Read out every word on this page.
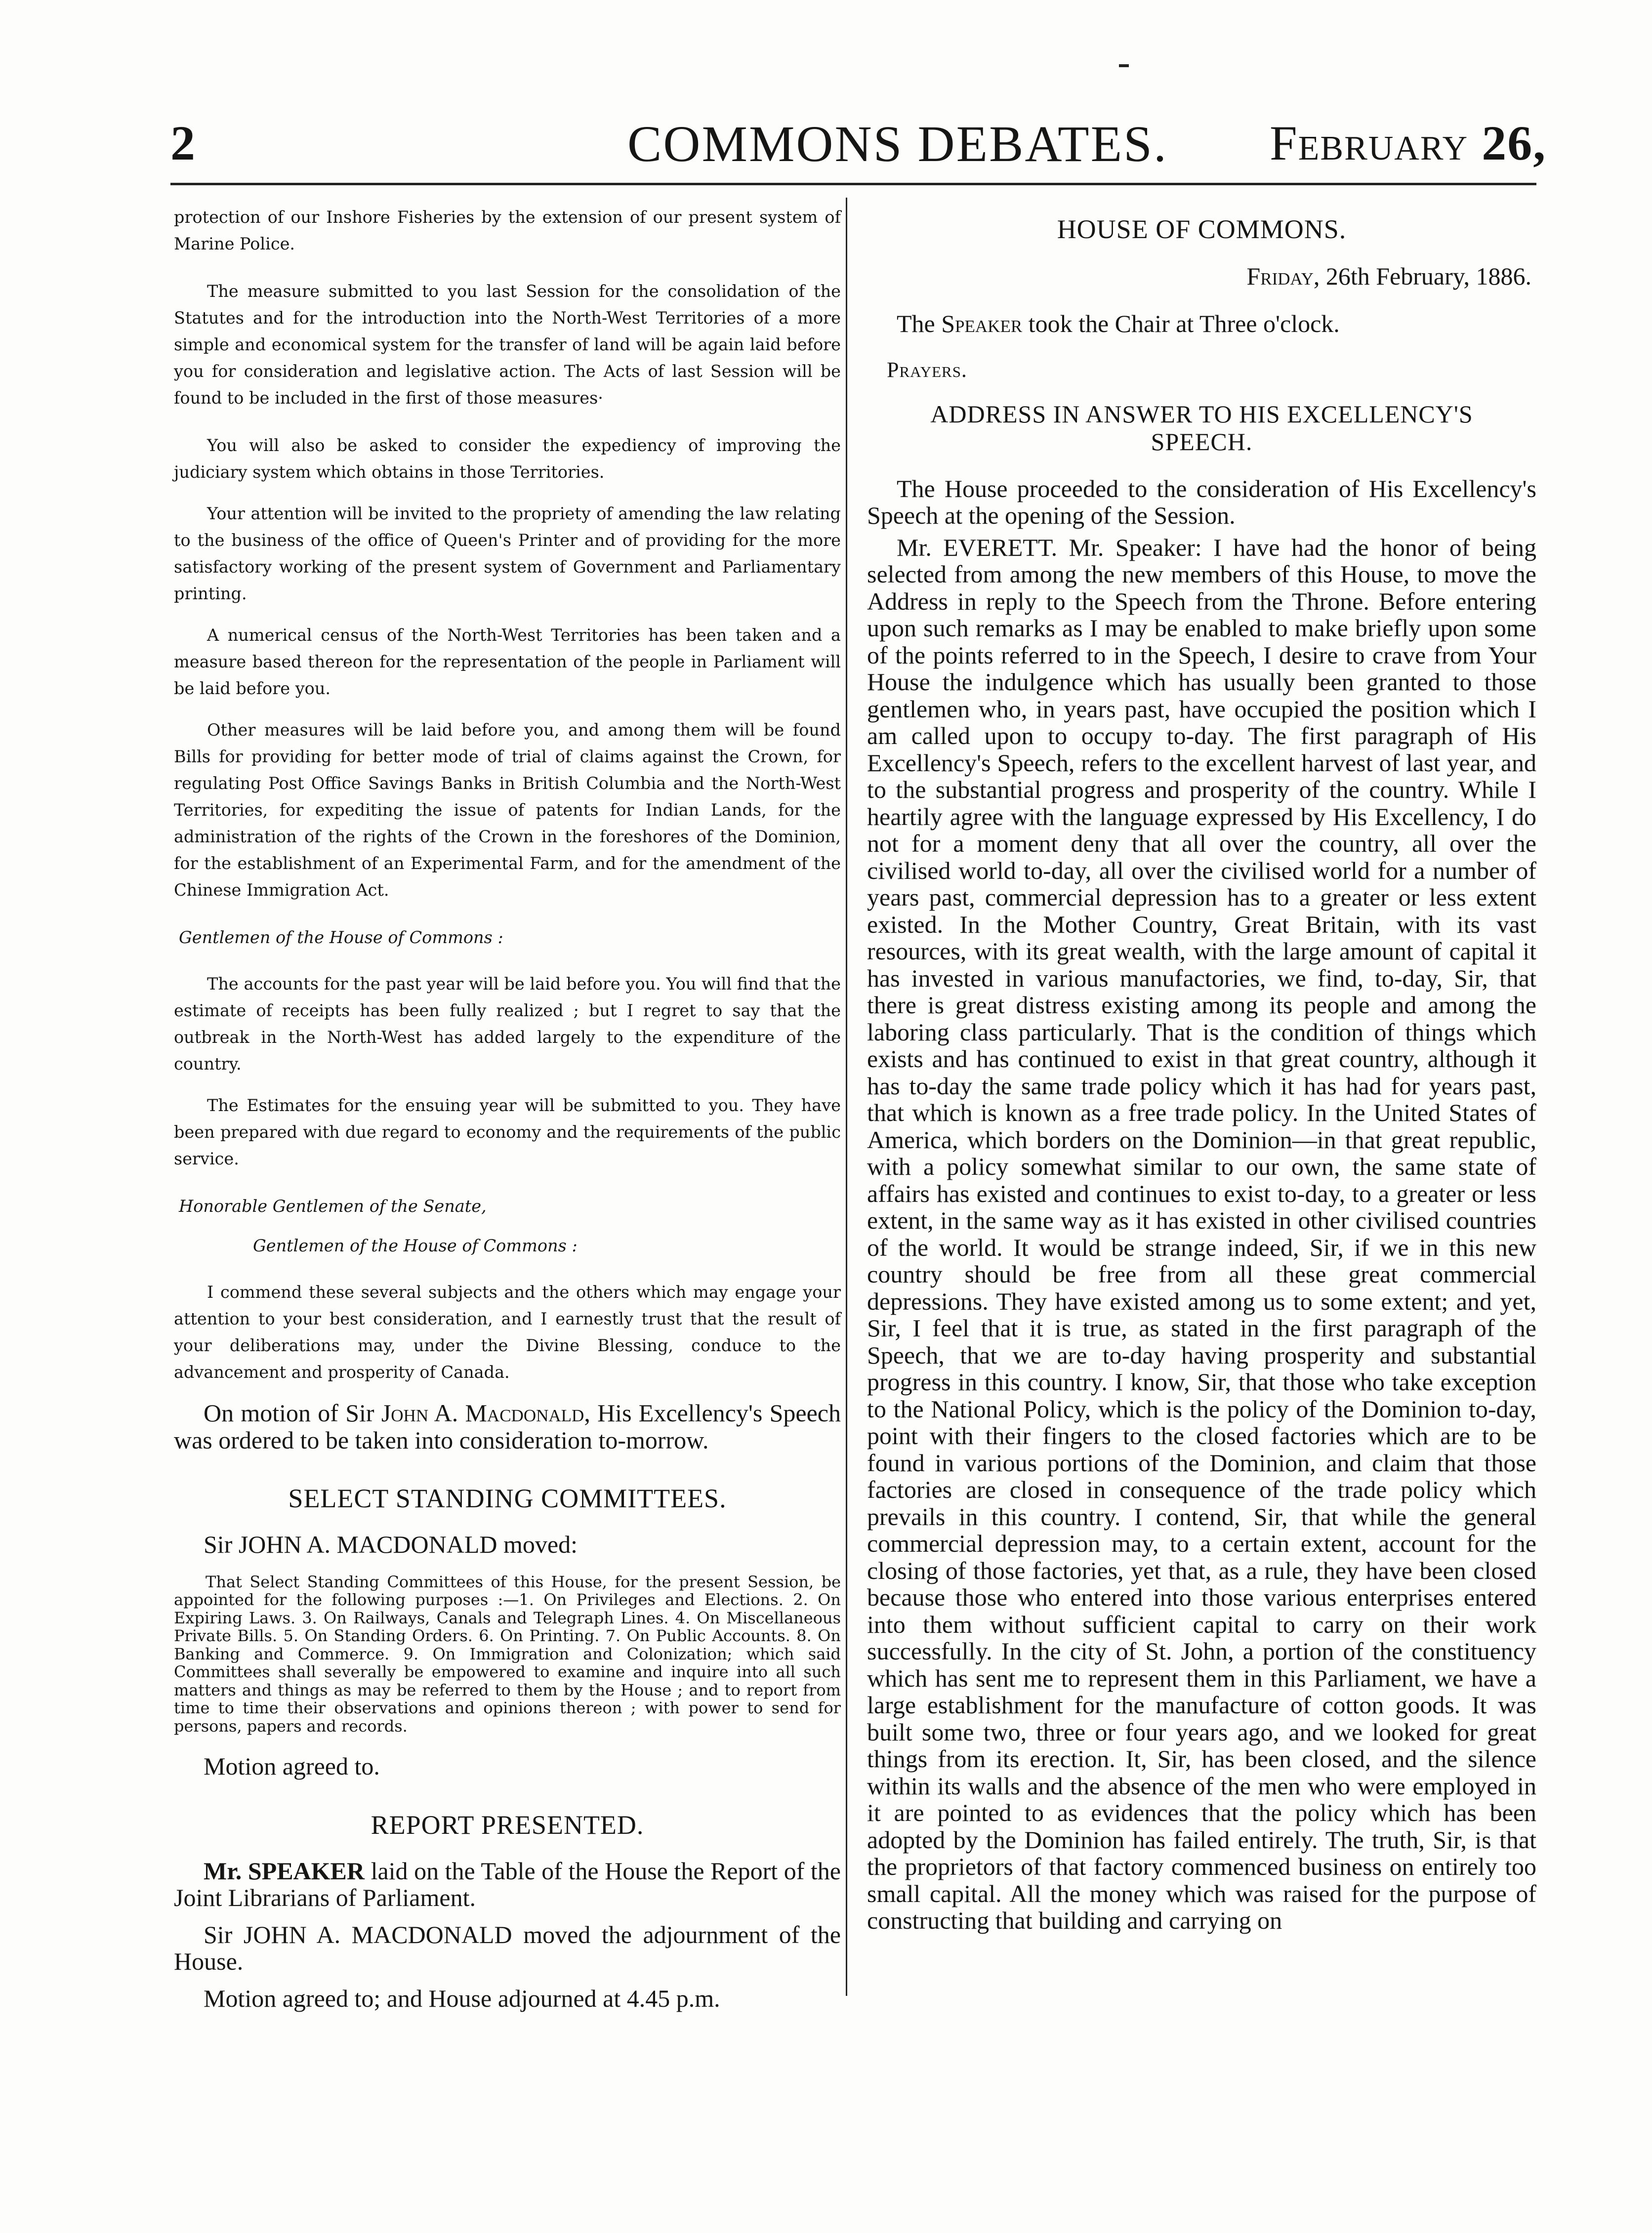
2	COMMONS DEBATES. February 26,

protection of our Inshore Fisheries by the extension of our present system of Marine Police.

The measure submitted to you last Session for the consolidation of the Statutes and for the introduction into the North-West Territories of a more simple and economical system for the transfer of land will be again laid before you for consideration and legislative action. The Acts of last Session will be found to be included in the first of those measures·

You will also be asked to consider the expediency of improving the judiciary system which obtains in those Territories.

Your attention will be invited to the propriety of amending the law relating to the business of the office of Queen's Printer and of providing for the more satisfactory working of the present system of Government and Parliamentary printing.

A numerical census of the North-West Territories has been taken and a measure based thereon for the representation of the people in Parliament will be laid before you.

Other measures will be laid before you, and among them will be found Bills for providing for better mode of trial of claims against the Crown, for regulating Post Office Savings Banks in British Columbia and the North-West Territories, for expediting the issue of patents for Indian Lands, for the administration of the rights of the Crown in the foreshores of the Dominion, for the establishment of an Experimental Farm, and for the amendment of the Chinese Immigration Act.

Gentlemen of the House of Commons :

The accounts for the past year will be laid before you. You will find that the estimate of receipts has been fully realized ; but I regret to say that the outbreak in the North-West has added largely to the expenditure of the country.

The Estimates for the ensuing year will be submitted to you. They have been prepared with due regard to economy and the requirements of the public service.

Honorable Gentlemen of the Senate,

Gentlemen of the House of Commons :

I commend these several subjects and the others which may engage your attention to your best consideration, and I earnestly trust that the result of your deliberations may, under the Divine Blessing, conduce to the advancement and prosperity of Canada.

On motion of Sir John A. Macdonald, His Excellency's Speech was ordered to be taken into consideration to-morrow.

SELECT STANDING COMMITTEES.

Sir JOHN A. MACDONALD moved:

That Select Standing Committees of this House, for the present Session, be appointed for the following purposes :—1. On Privileges and Elections. 2. On Expiring Laws. 3. On Railways, Canals and Telegraph Lines. 4. On Miscellaneous Private Bills. 5. On Standing Orders. 6. On Printing. 7. On Public Accounts. 8. On Banking and Commerce. 9. On Immigration and Colonization; which said Committees shall severally be empowered to examine and inquire into all such matters and things as may be referred to them by the House ; and to report from time to time their observations and opinions thereon ; with power to send for persons, papers and records.

Motion agreed to.

REPORT PRESENTED.

Mr. SPEAKER laid on the Table of the House the Report of the Joint Librarians of Parliament.

Sir JOHN A. MACDONALD moved the adjournment of the House.

Motion agreed to; and House adjourned at 4.45 p.m.

HOUSE OF COMMONS.
Friday, 26th February, 1886.

The Speaker took the Chair at Three o'clock.

Prayers.
ADDRESS IN ANSWER TO HIS EXCELLENCY'S
SPEECH.

The House proceeded to the consideration of His Excellency's Speech at the opening of the Session.

Mr. EVERETT. Mr. Speaker: I have had the honor of being selected from among the new members of this House, to move the Address in reply to the Speech from the Throne. Before entering upon such remarks as I may be enabled to make briefly upon some of the points referred to in the Speech, I desire to crave from Your House the indulgence which has usually been granted to those gentlemen who, in years past, have occupied the position which I am called upon to occupy to-day. The first paragraph of His Excellency's Speech, refers to the excellent harvest of last year, and to the substantial progress and prosperity of the country. While I heartily agree with the language expressed by His Excellency, I do not for a moment deny that all over the country, all over the civilised world to-day, all over the civilised world for a number of years past, commercial depression has to a greater or less extent existed. In the Mother Country, Great Britain, with its vast resources, with its great wealth, with the large amount of capital it has invested in various manufactories, we find, to-day, Sir, that there is great distress existing among its people and among the laboring class particularly. That is the condition of things which exists and has continued to exist in that great country, although it has to-day the same trade policy which it has had for years past, that which is known as a free trade policy. In the United States of America, which borders on the Dominion—in that great republic, with a policy somewhat similar to our own, the same state of affairs has existed and continues to exist to-day, to a greater or less extent, in the same way as it has existed in other civilised countries of the world. It would be strange indeed, Sir, if we in this new country should be free from all these great commercial depressions. They have existed among us to some extent; and yet, Sir, I feel that it is true, as stated in the first paragraph of the Speech, that we are to-day having prosperity and substantial progress in this country. I know, Sir, that those who take exception to the National Policy, which is the policy of the Dominion to-day, point with their fingers to the closed factories which are to be found in various portions of the Dominion, and claim that those factories are closed in consequence of the trade policy which prevails in this country. I contend, Sir, that while the general commercial depression may, to a certain extent, account for the closing of those factories, yet that, as a rule, they have been closed because those who entered into those various enterprises entered into them without sufficient capital to carry on their work successfully. In the city of St. John, a portion of the constituency which has sent me to represent them in this Parliament, we have a large establishment for the manufacture of cotton goods. It was built some two, three or four years ago, and we looked for great things from its erection. It, Sir, has been closed, and the silence within its walls and the absence of the men who were employed in it are pointed to as evidences that the policy which has been adopted by the Dominion has failed entirely. The truth, Sir, is that the proprietors of that factory commenced business on entirely too small capital. All the money which was raised for the purpose of constructing that building and carrying on
